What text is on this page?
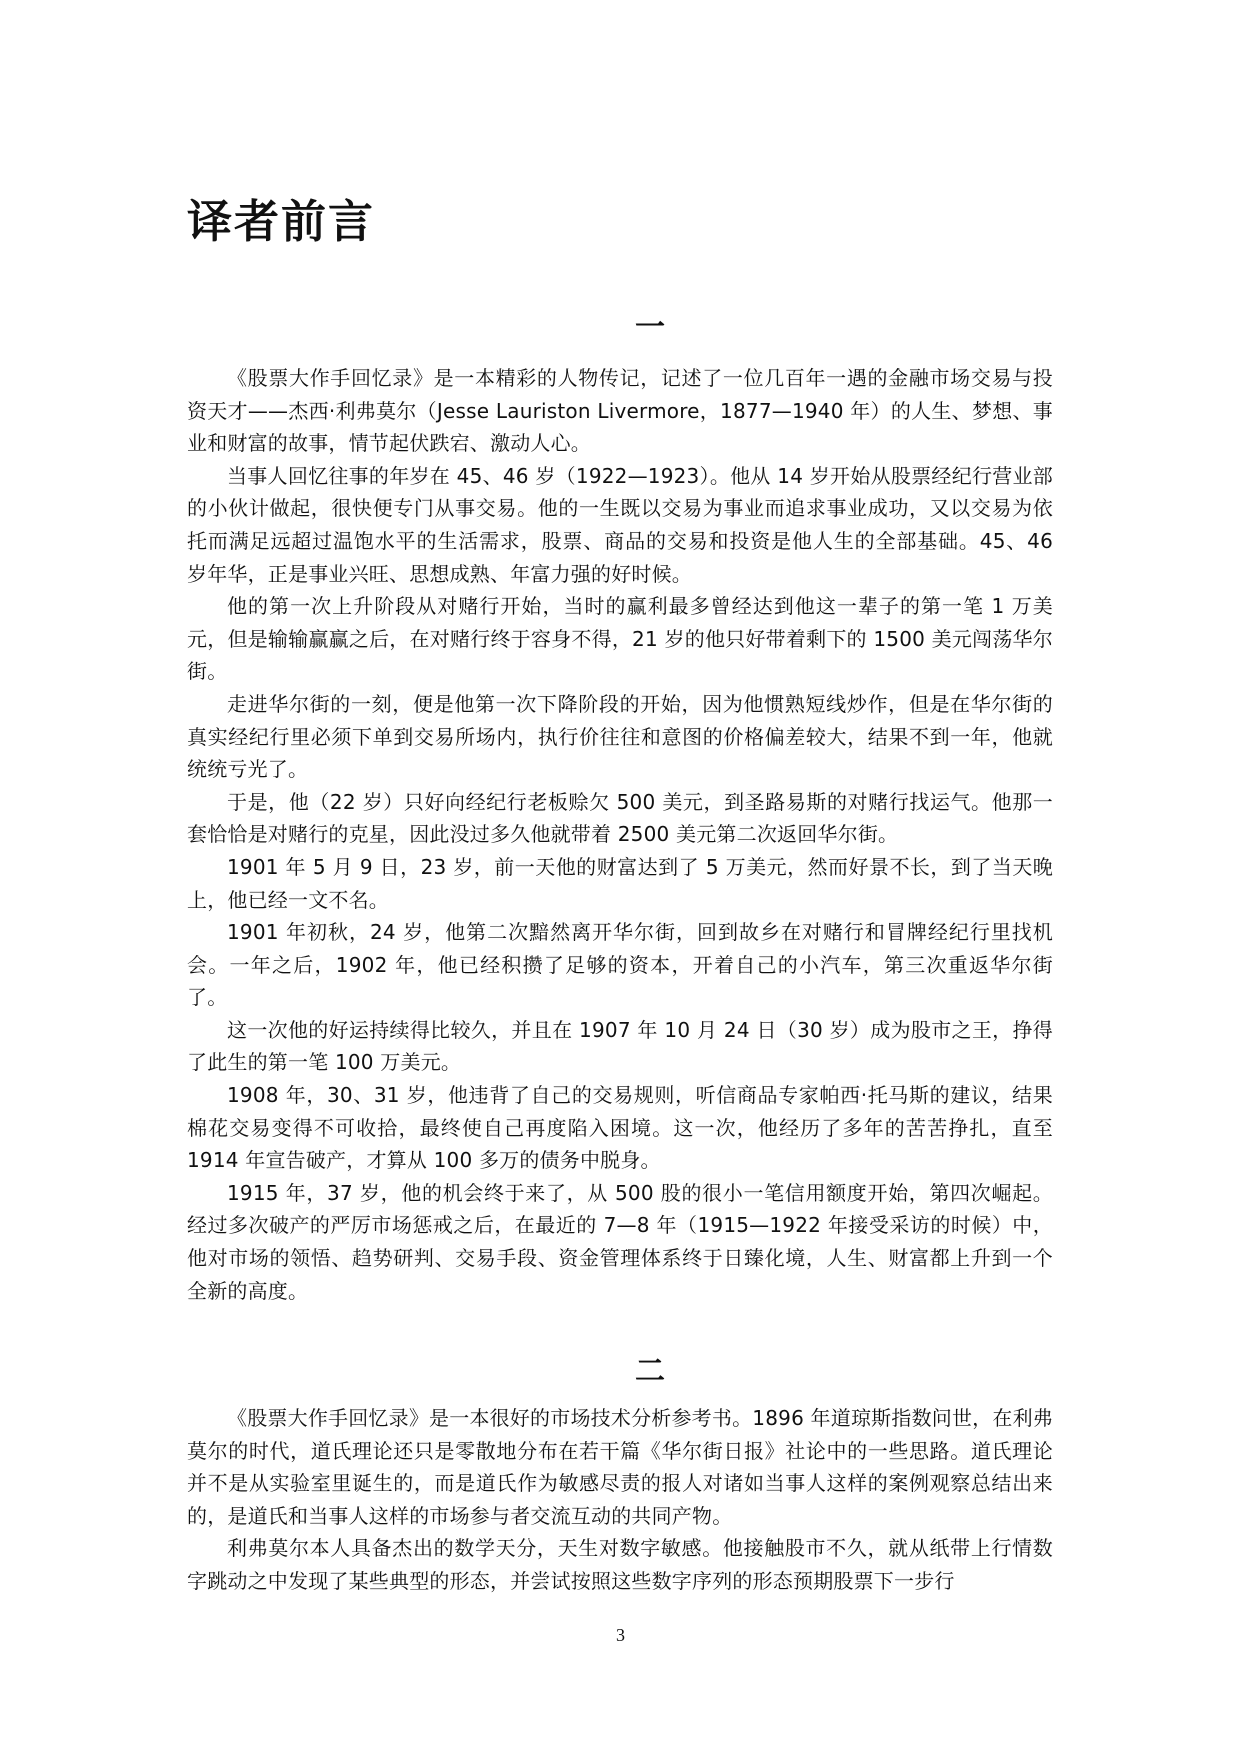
译者前言
一

《股票大作手回忆录》是一本精彩的人物传记，记述了一位几百年一遇的金融市场交易与投资天才——杰西·利弗莫尔（Jesse Lauriston Livermore，1877—1940 年）的人生、梦想、事业和财富的故事，情节起伏跌宕、激动人心。

当事人回忆往事的年岁在 45、46 岁（1922—1923）。他从 14 岁开始从股票经纪行营业部的小伙计做起，很快便专门从事交易。他的一生既以交易为事业而追求事业成功，又以交易为依托而满足远超过温饱水平的生活需求，股票、商品的交易和投资是他人生的全部基础。45、46 岁年华，正是事业兴旺、思想成熟、年富力强的好时候。

他的第一次上升阶段从对赌行开始，当时的赢利最多曾经达到他这一辈子的第一笔 1 万美元，但是输输赢赢之后，在对赌行终于容身不得，21 岁的他只好带着剩下的 1500 美元闯荡华尔街。

走进华尔街的一刻，便是他第一次下降阶段的开始，因为他惯熟短线炒作，但是在华尔街的真实经纪行里必须下单到交易所场内，执行价往往和意图的价格偏差较大，结果不到一年，他就统统亏光了。

于是，他（22 岁）只好向经纪行老板赊欠 500 美元，到圣路易斯的对赌行找运气。他那一套恰恰是对赌行的克星，因此没过多久他就带着 2500 美元第二次返回华尔街。

1901 年 5 月 9 日，23 岁，前一天他的财富达到了 5 万美元，然而好景不长，到了当天晚上，他已经一文不名。

1901 年初秋，24 岁，他第二次黯然离开华尔街，回到故乡在对赌行和冒牌经纪行里找机会。一年之后，1902 年，他已经积攒了足够的资本，开着自己的小汽车，第三次重返华尔街了。

这一次他的好运持续得比较久，并且在 1907 年 10 月 24 日（30 岁）成为股市之王，挣得了此生的第一笔 100 万美元。

1908 年，30、31 岁，他违背了自己的交易规则，听信商品专家帕西·托马斯的建议，结果棉花交易变得不可收拾，最终使自己再度陷入困境。这一次，他经历了多年的苦苦挣扎，直至 1914 年宣告破产，才算从 100 多万的债务中脱身。

1915 年，37 岁，他的机会终于来了，从 500 股的很小一笔信用额度开始，第四次崛起。经过多次破产的严厉市场惩戒之后，在最近的 7—8 年（1915—1922 年接受采访的时候）中，他对市场的领悟、趋势研判、交易手段、资金管理体系终于日臻化境，人生、财富都上升到一个全新的高度。

二

《股票大作手回忆录》是一本很好的市场技术分析参考书。1896 年道琼斯指数问世，在利弗莫尔的时代，道氏理论还只是零散地分布在若干篇《华尔街日报》社论中的一些思路。道氏理论并不是从实验室里诞生的，而是道氏作为敏感尽责的报人对诸如当事人这样的案例观察总结出来的，是道氏和当事人这样的市场参与者交流互动的共同产物。

利弗莫尔本人具备杰出的数学天分，天生对数字敏感。他接触股市不久，就从纸带上行情数字跳动之中发现了某些典型的形态，并尝试按照这些数字序列的形态预期股票下一步行

3
